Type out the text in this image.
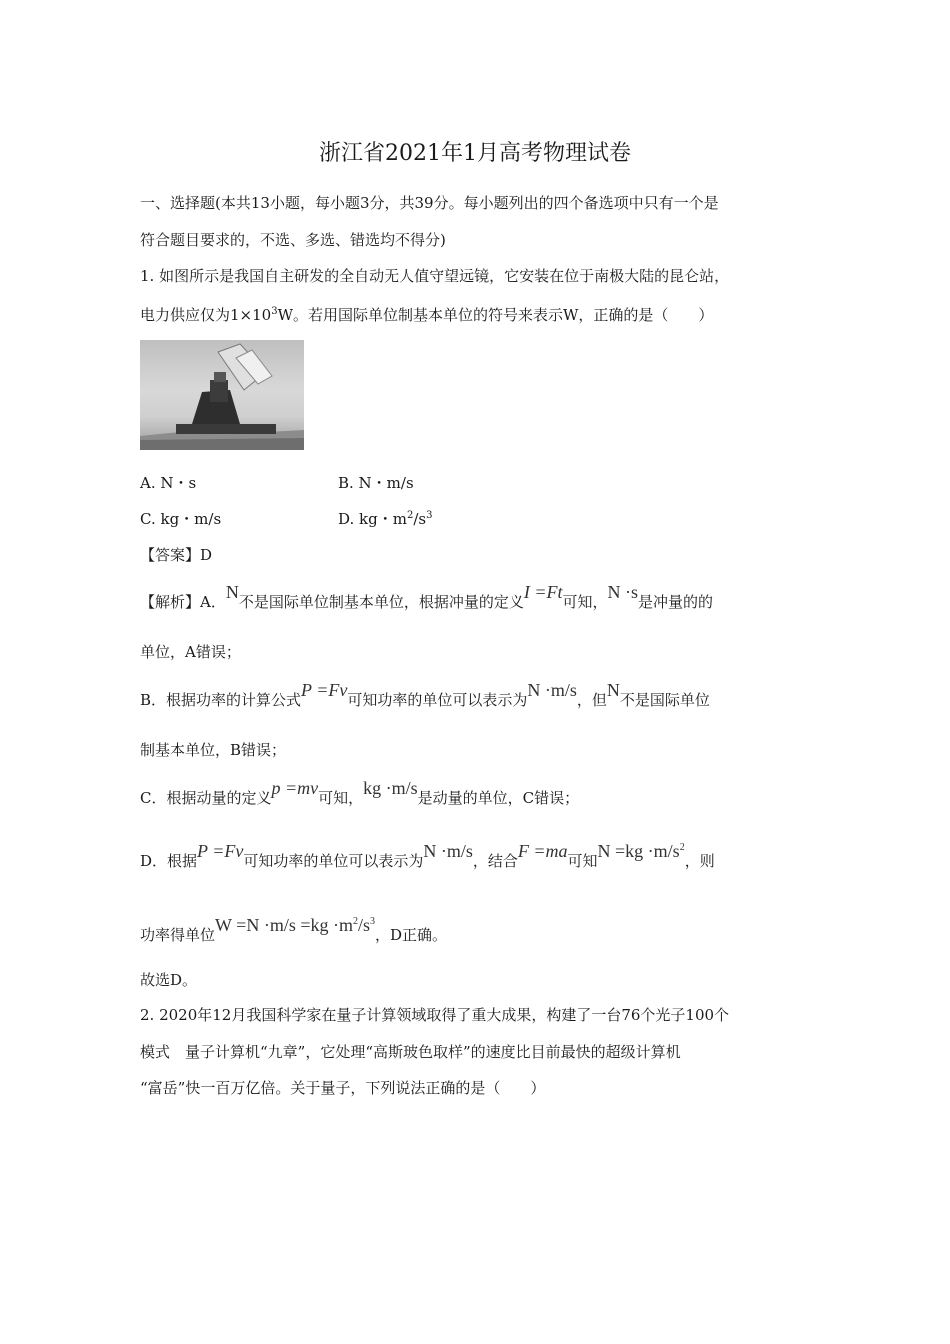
浙江省2021年1月高考物理试卷
一、选择题(本共13小题，每小题3分，共39分。每小题列出的四个备选项中只有一个是
符合题目要求的，不选、多选、错选均不得分)
1. 如图所示是我国自主研发的全自动无人值守望远镜，它安装在位于南极大陆的昆仑站，
电力供应仅为$1\times 10^3W$。若用国际单位制基本单位的符号来表示W，正确的是（　　）
A. N・s	B. N・m/s
C. kg・m/s	D. kg・$m^2/s^3$
【答案】D
【解析】A．N不是国际单位制基本单位，根据冲量的定义I =Ft可知，N ·s是冲量的的
单位，A错误；
B．根据功率的计算公式P =Fv可知功率的单位可以表示为N ·m/s，但N不是国际单位
制基本单位，B错误；
C．根据动量的定义p =mv可知，kg ·m/s是动量的单位，C错误；
D．根据P =Fv可知功率的单位可以表示为N ·m/s，结合F =ma可知$N =kg \cdot m/s^2$，则
功率得单位$W =N \cdot m/s =kg \cdot m^2/s^3$，D正确。
故选D。
2. 2020年12月我国科学家在量子计算领域取得了重大成果，构建了一台76个光子100个
模式　量子计算机“九章”，它处理“高斯玻色取样”的速度比目前最快的超级计算机
“富岳”快一百万亿倍。关于量子，下列说法正确的是（　　）
